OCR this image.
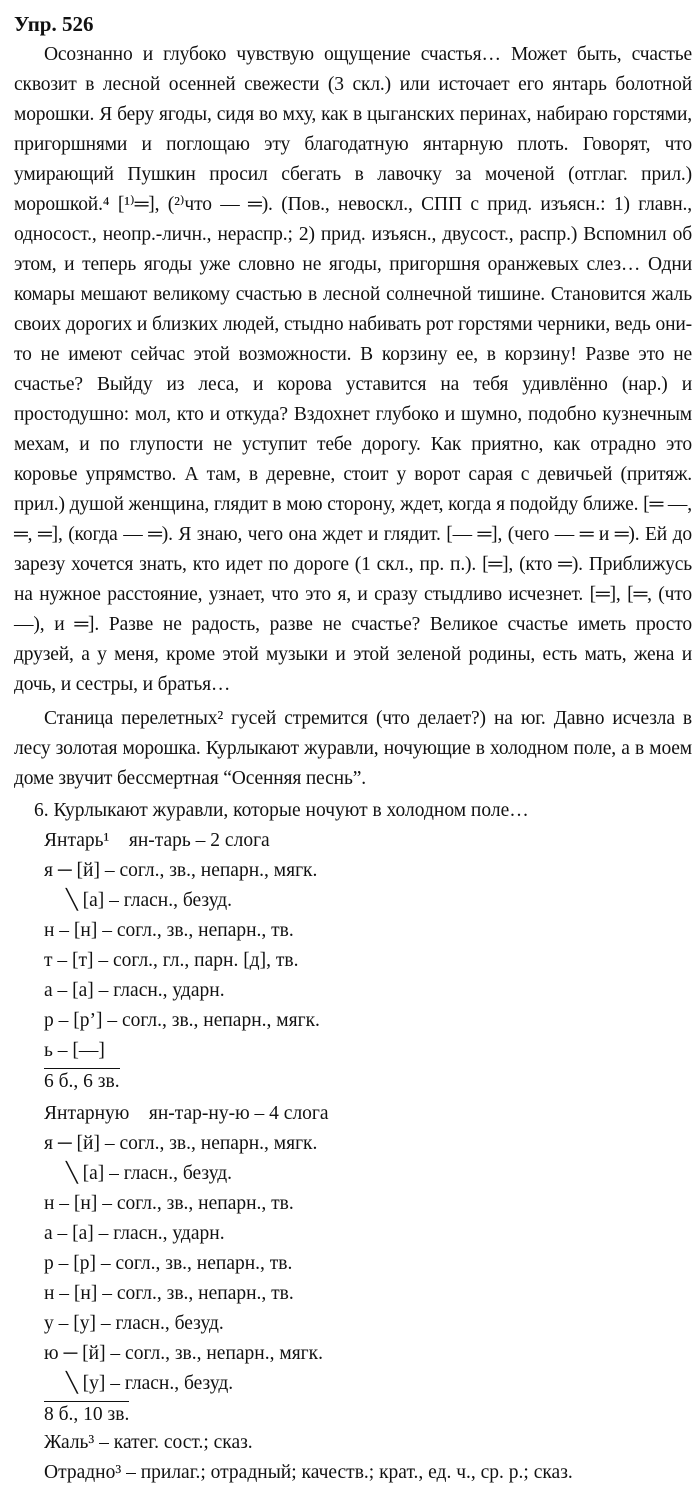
Упр. 526

Осознанно и глубоко чувствую ощущение счастья… Может быть, счастье сквозит в лесной осенней свежести (3 скл.) или источает его янтарь болотной морошки. Я беру ягоды, сидя во мху, как в цыганских перинах, набираю горстями, пригоршнями и поглощаю эту благодатную янтарную плоть. Говорят, что умирающий Пушкин просил сбегать в лавочку за моченой (отглаг. прил.) морошкой.⁴ [¹⁾═], (²⁾что — ═). (Пов., невоскл., СПП с прид. изъясн.: 1) главн., односост., неопр.-личн., нераспр.; 2) прид. изъясн., двусост., распр.) Вспомнил об этом, и теперь ягоды уже словно не ягоды, пригоршня оранжевых слез… Одни комары мешают великому счастью в лесной солнечной тишине. Становится жаль своих дорогих и близких людей, стыдно набивать рот горстями черники, ведь они-то не имеют сейчас этой возможности. В корзину ее, в корзину! Разве это не счастье? Выйду из леса, и корова уставится на тебя удивлённо (нар.) и простодушно: мол, кто и откуда? Вздохнет глубоко и шумно, подобно кузнечным мехам, и по глупости не уступит тебе дорогу. Как приятно, как отрадно это коровье упрямство. А там, в деревне, стоит у ворот сарая с девичьей (притяж. прил.) душой женщина, глядит в мою сторону, ждет, когда я подойду ближе. [═ —, ═, ═], (когда — ═). Я знаю, чего она ждет и глядит. [— ═], (чего — ═ и ═). Ей до зарезу хочется знать, кто идет по дороге (1 скл., пр. п.). [═], (кто ═). Приближусь на нужное расстояние, узнает, что это я, и сразу стыдливо исчезнет. [═], [═, (что —), и ═]. Разве не радость, разве не счастье? Великое счастье иметь просто друзей, а у меня, кроме этой музыки и этой зеленой родины, есть мать, жена и дочь, и сестры, и братья…

Станица перелетных² гусей стремится (что делает?) на юг. Давно исчезла в лесу золотая морошка. Курлыкают журавли, ночующие в холодном поле, а в моем доме звучит бессмертная “Осенняя песнь”.

6. Курлыкают журавли, которые ночуют в холодном поле…
Янтарь¹    ян-тарь – 2 слога
я ─ [й] – согл., зв., непарн., мягк.
╲ [а] – гласн., безуд.
н – [н] – согл., зв., непарн., тв.
т – [т] – согл., гл., парн. [д], тв.
а – [а] – гласн., ударн.
р – [р’] – согл., зв., непарн., мягк.
ь – [—]
6 б., 6 зв.
Янтарную    ян-тар-ну-ю – 4 слога
я ─ [й] – согл., зв., непарн., мягк.
╲ [а] – гласн., безуд.
н – [н] – согл., зв., непарн., тв.
а – [а] – гласн., ударн.
р – [р] – согл., зв., непарн., тв.
н – [н] – согл., зв., непарн., тв.
у – [у] – гласн., безуд.
ю ─ [й] – согл., зв., непарн., мягк.
╲ [у] – гласн., безуд.
8 б., 10 зв.
Жаль³ – катег. сост.; сказ.
Отрадно³ – прилаг.; отрадный; качеств.; крат., ед. ч., ср. р.; сказ.
